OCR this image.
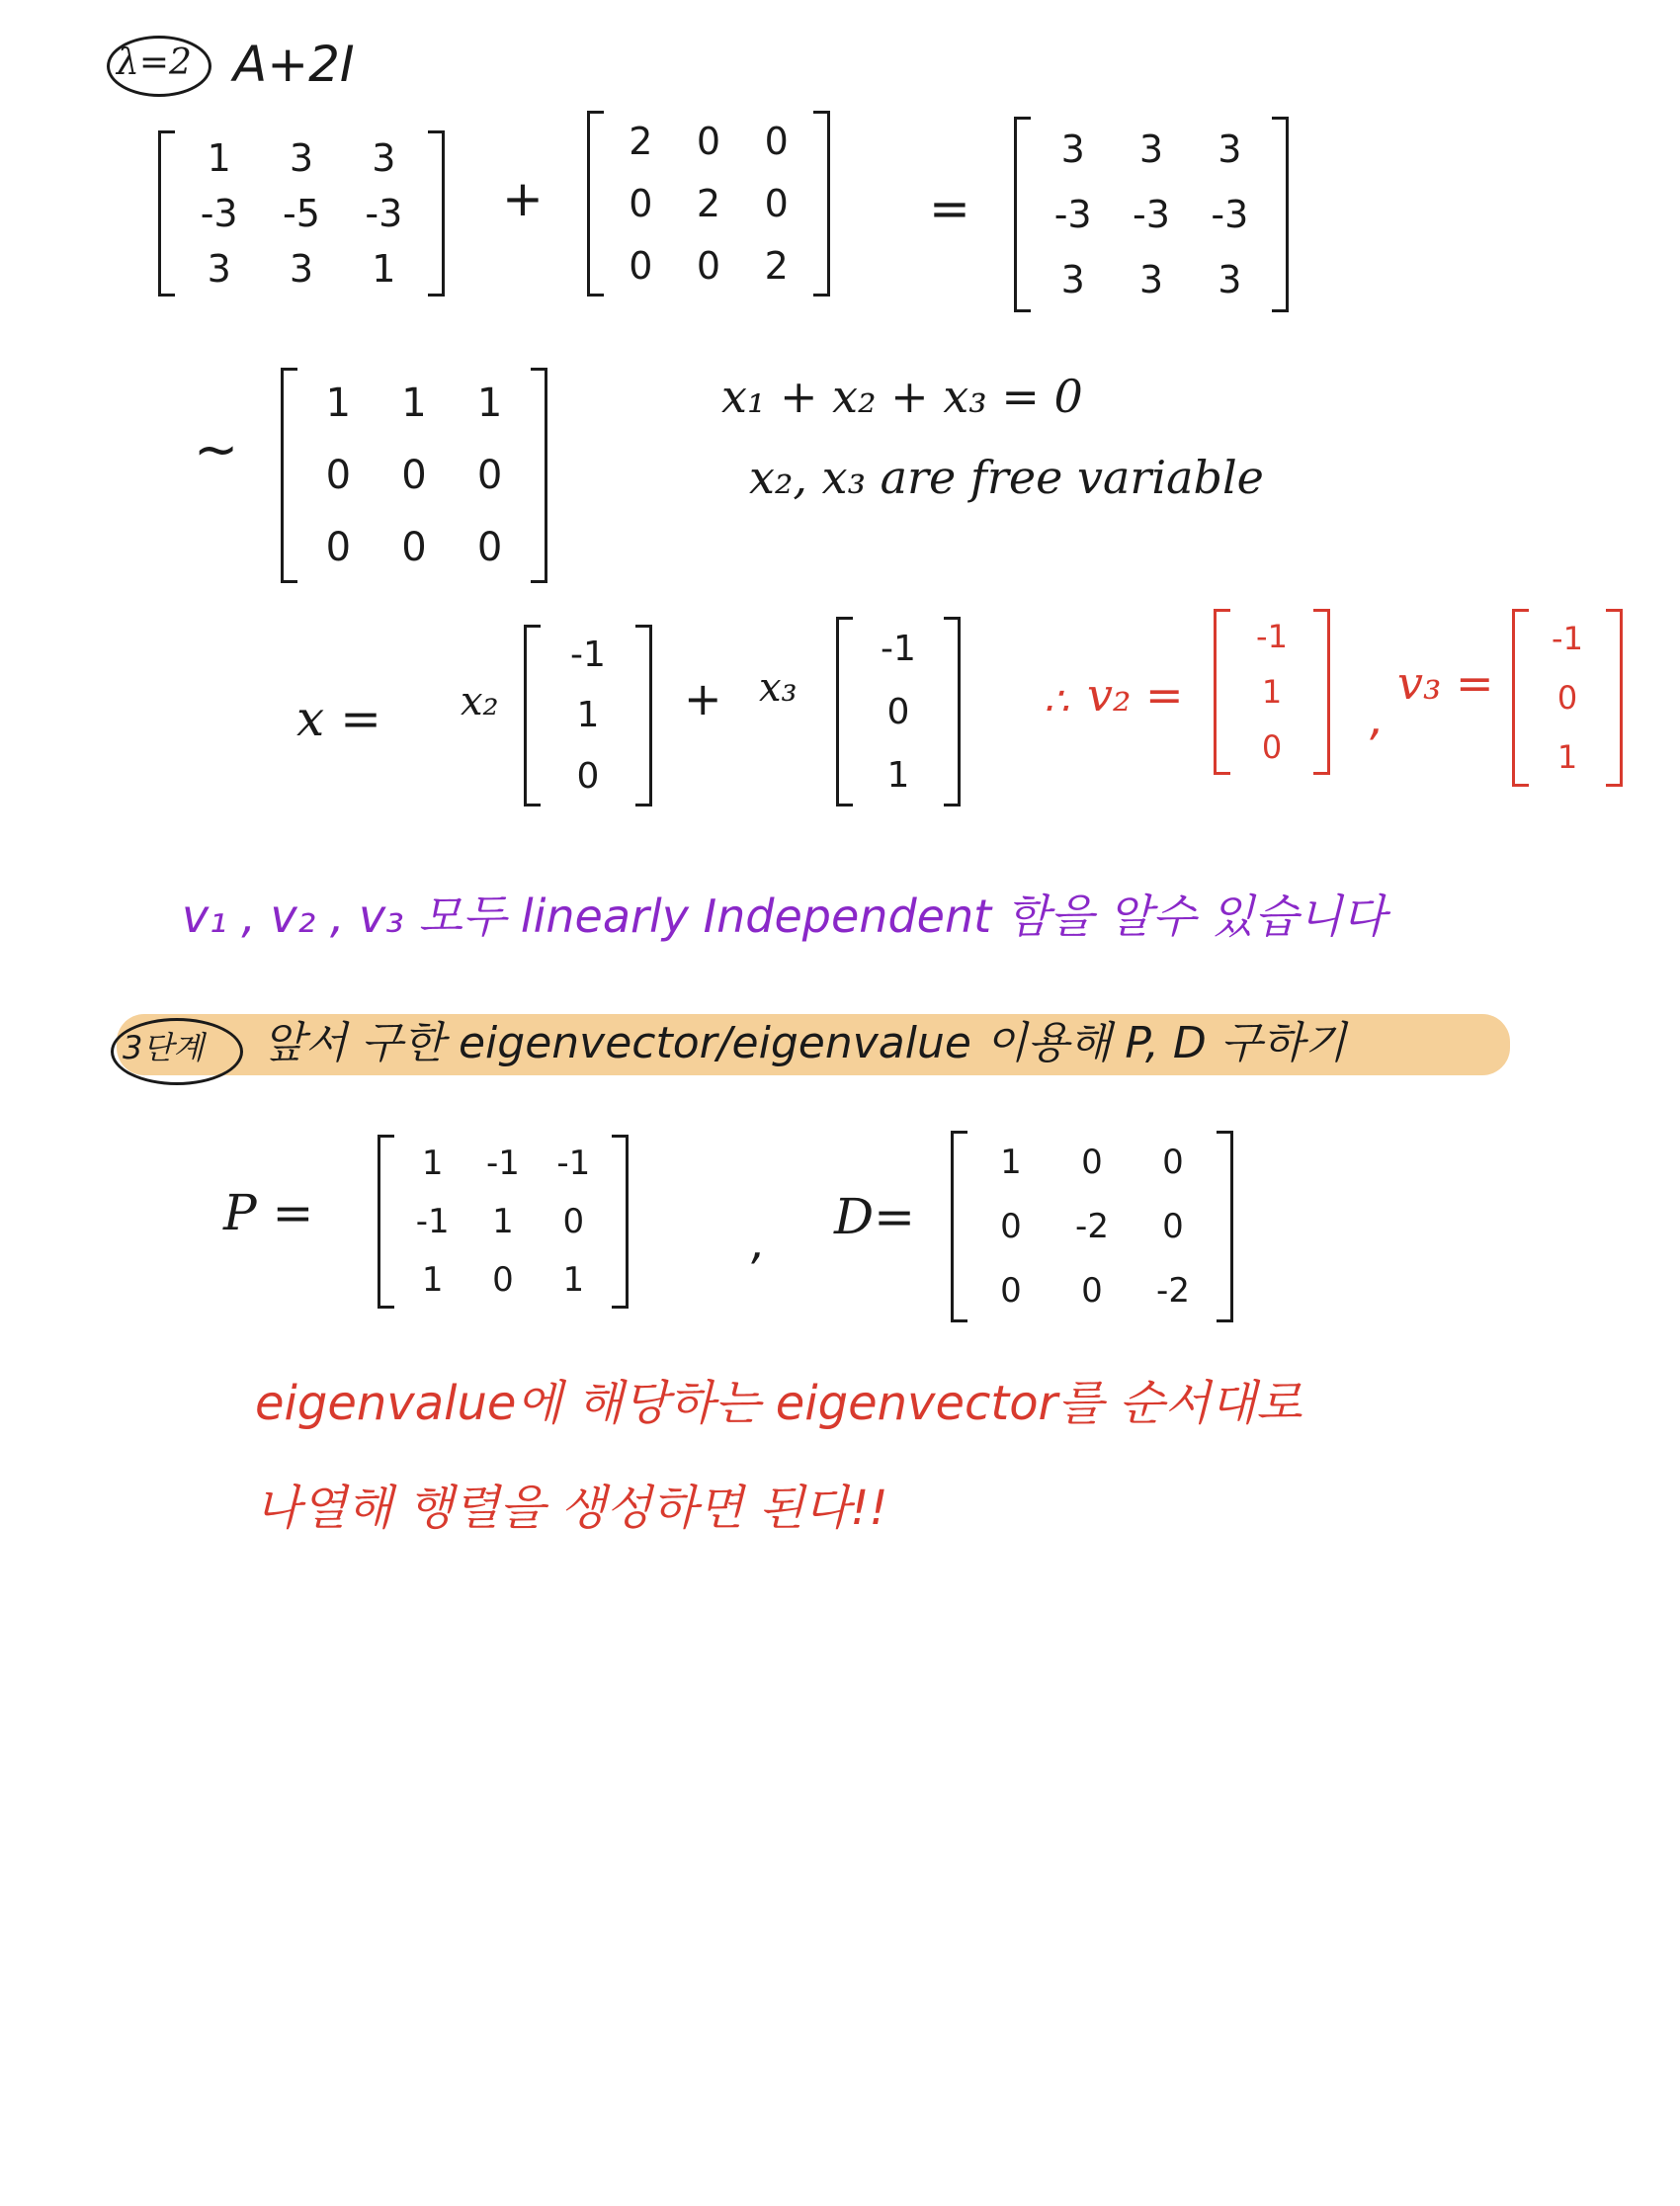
λ=2 A+2I
1 3 3
-3 -5 -3
3 3 1
+
2 0 0
0 2 0
0 0 2
=
3 3 3
-3 -3 -3
3 3 3
~
1 1 1
0 0 0
0 0 0
x₁ + x₂ + x₃ = 0
x₂, x₃ are free variable
x = x₂
-1
1
0
+ x₃
-1
0
1
∴ v₂ =
-1
1
0
,
v₃ =
-1
0
1
v₁ , v₂ , v₃ 모두 linearly Independent 함을 알수 있습니다
3단계 앞서 구한 eigenvector/eigenvalue 이용해 P, D 구하기
P =
1 -1 -1
-1 1 0
1 0 1
, D=
1 0 0
0 -2 0
0 0 -2
eigenvalue에 해당하는 eigenvector를 순서대로
나열해 행렬을 생성하면 된다!!
